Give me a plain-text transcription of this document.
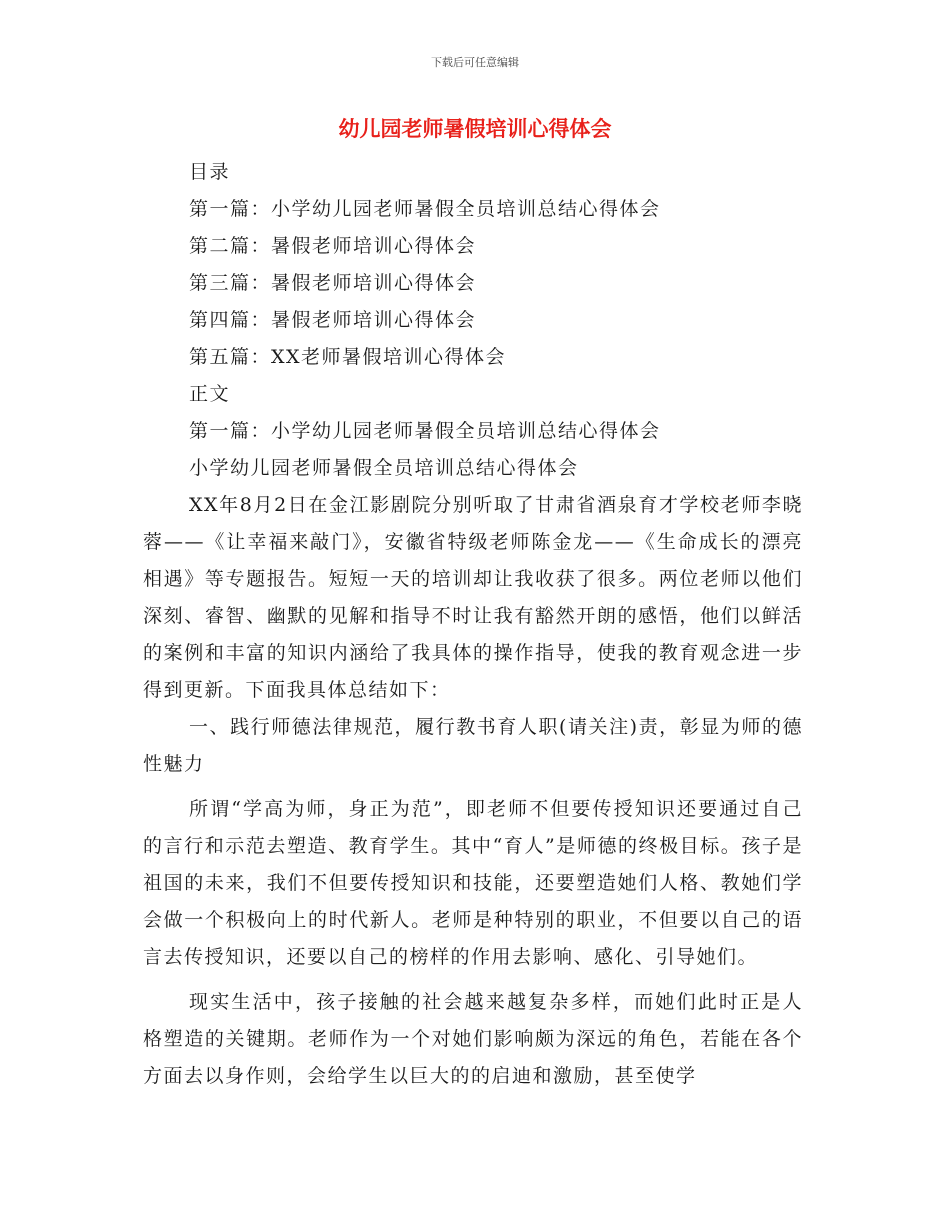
下载后可任意编辑
幼儿园老师暑假培训心得体会

目录

第一篇：小学幼儿园老师暑假全员培训总结心得体会

第二篇：暑假老师培训心得体会

第三篇：暑假老师培训心得体会

第四篇：暑假老师培训心得体会

第五篇：XX老师暑假培训心得体会

正文

第一篇：小学幼儿园老师暑假全员培训总结心得体会

小学幼儿园老师暑假全员培训总结心得体会

XX年8月2日在金江影剧院分别听取了甘肃省酒泉育才学校老师李晓蓉——《让幸福来敲门》，安徽省特级老师陈金龙——《生命成长的漂亮相遇》等专题报告。短短一天的培训却让我收获了很多。两位老师以他们深刻、睿智、幽默的见解和指导不时让我有豁然开朗的感悟，他们以鲜活的案例和丰富的知识内涵给了我具体的操作指导，使我的教育观念进一步得到更新。下面我具体总结如下：

一、践行师德法律规范，履行教书育人职(请关注)责，彰显为师的德性魅力

所谓“学高为师，身正为范”，即老师不但要传授知识还要通过自己的言行和示范去塑造、教育学生。其中“育人”是师德的终极目标。孩子是祖国的未来，我们不但要传授知识和技能，还要塑造她们人格、教她们学会做一个积极向上的时代新人。老师是种特别的职业，不但要以自己的语言去传授知识，还要以自己的榜样的作用去影响、感化、引导她们。

现实生活中，孩子接触的社会越来越复杂多样，而她们此时正是人格塑造的关键期。老师作为一个对她们影响颇为深远的角色，若能在各个方面去以身作则，会给学生以巨大的的启迪和激励，甚至使学
